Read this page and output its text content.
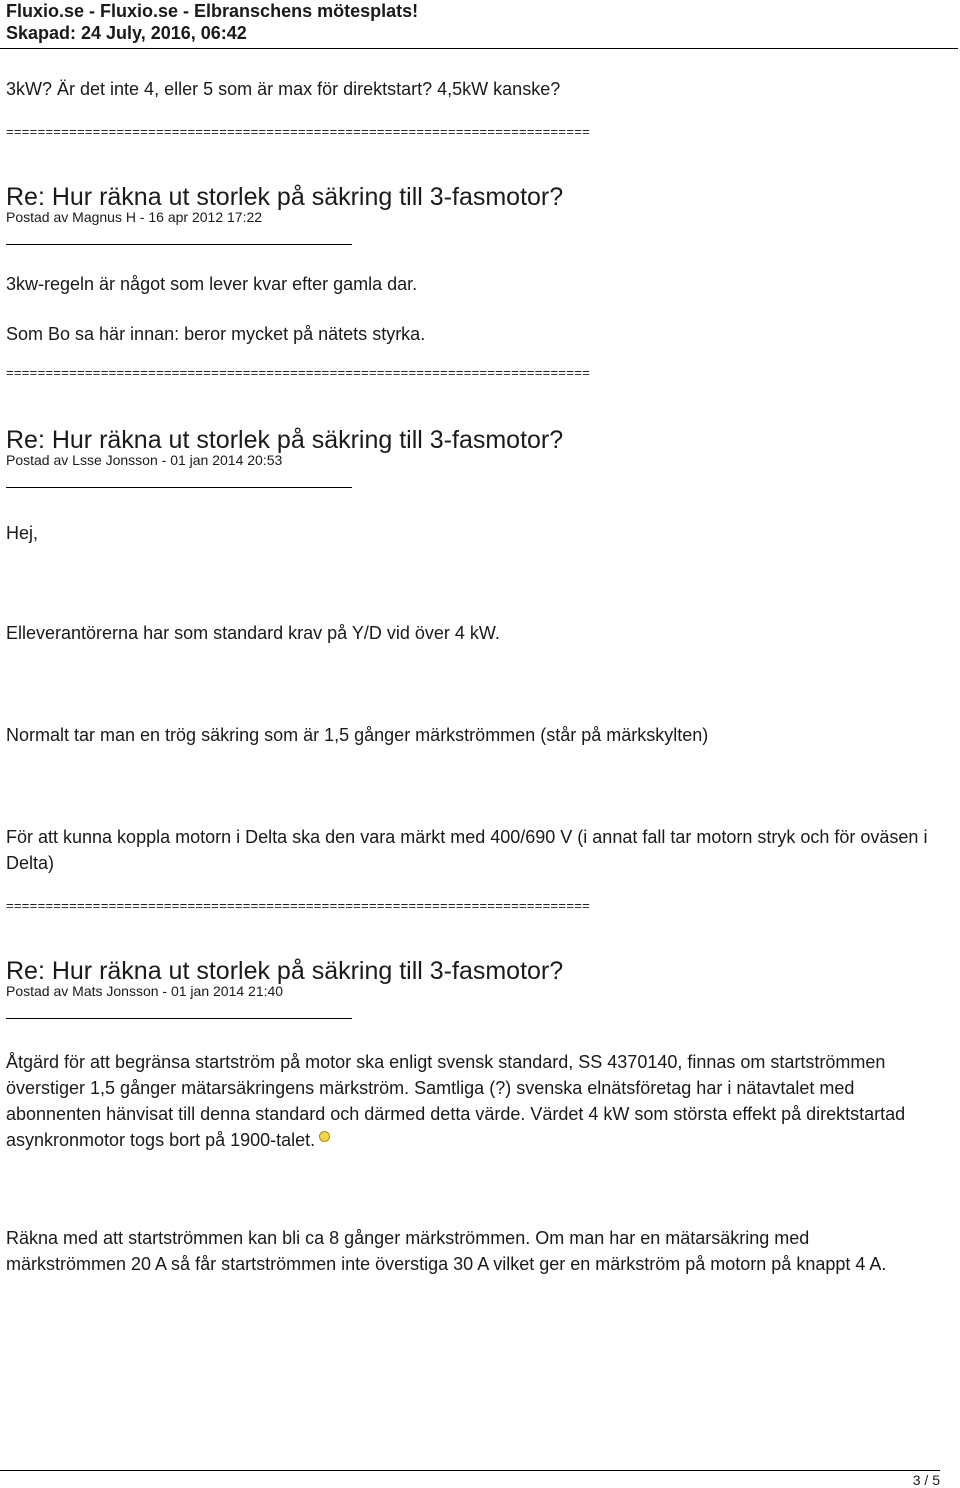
Fluxio.se - Fluxio.se - Elbranschens mötesplats!
Skapad: 24 July, 2016, 06:42

3kW? Är det inte 4, eller 5 som är max för direktstart? 4,5kW kanske?

==========================================================================
Re: Hur räkna ut storlek på säkring till 3-fasmotor?
Postad av Magnus H - 16 apr 2012 17:22

3kw-regeln är något som lever kvar efter gamla dar.

Som Bo sa här innan: beror mycket på nätets styrka.

==========================================================================
Re: Hur räkna ut storlek på säkring till 3-fasmotor?
Postad av Lsse Jonsson - 01 jan 2014 20:53

Hej,

Elleverantörerna har som standard krav på Y/D vid över 4 kW.

Normalt tar man en trög säkring som är 1,5 gånger märkströmmen (står på märkskylten)

För att kunna koppla motorn i Delta ska den vara märkt med 400/690 V (i annat fall tar motorn stryk och för oväsen i Delta)

==========================================================================
Re: Hur räkna ut storlek på säkring till 3-fasmotor?
Postad av Mats Jonsson - 01 jan 2014 21:40

Åtgärd för att begränsa startström på motor ska enligt svensk standard, SS 4370140, finnas om startströmmen överstiger 1,5 gånger mätarsäkringens märkström. Samtliga (?) svenska elnätsföretag har i nätavtalet med abonnenten hänvisat till denna standard och därmed detta värde. Värdet 4 kW som största effekt på direktstartad asynkronmotor togs bort på 1900-talet.

Räkna med att startströmmen kan bli ca 8 gånger märkströmmen. Om man har en mätarsäkring med märkströmmen 20 A så får startströmmen inte överstiga 30 A vilket ger en märkström på motorn på knappt 4 A.

3 / 5
